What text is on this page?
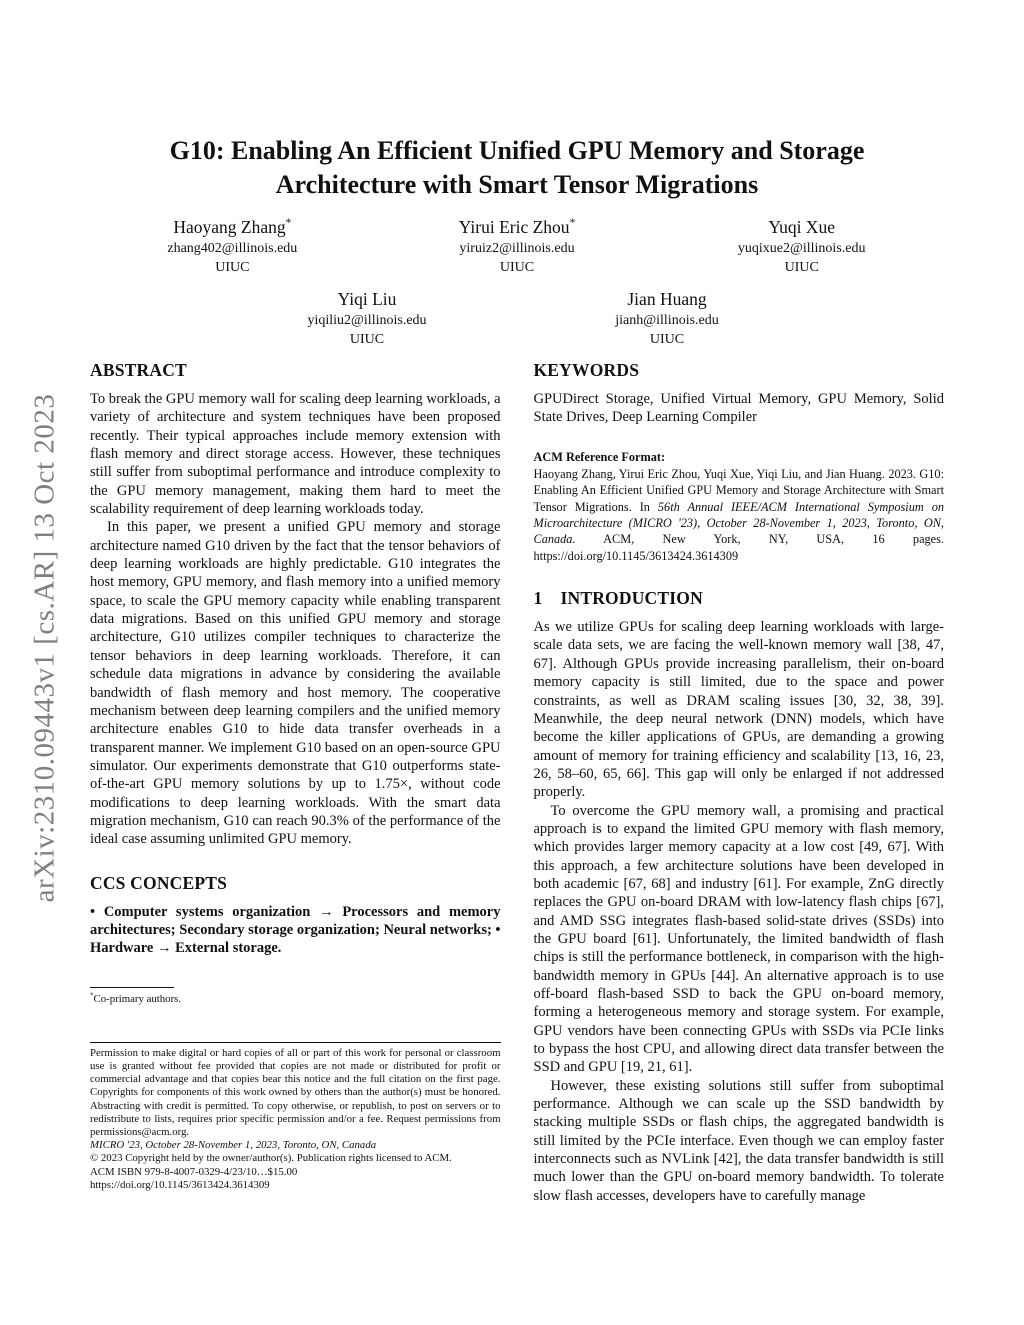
arXiv:2310.09443v1 [cs.AR] 13 Oct 2023
G10: Enabling An Efficient Unified GPU Memory and Storage
Architecture with Smart Tensor Migrations
Haoyang Zhang*
zhang402@illinois.edu
UIUC
Yirui Eric Zhou*
yiruiz2@illinois.edu
UIUC
Yuqi Xue
yuqixue2@illinois.edu
UIUC
Yiqi Liu
yiqiliu2@illinois.edu
UIUC
Jian Huang
jianh@illinois.edu
UIUC
ABSTRACT

To break the GPU memory wall for scaling deep learning workloads, a variety of architecture and system techniques have been proposed recently. Their typical approaches include memory extension with flash memory and direct storage access. However, these techniques still suffer from suboptimal performance and introduce complexity to the GPU memory management, making them hard to meet the scalability requirement of deep learning workloads today.

In this paper, we present a unified GPU memory and storage architecture named G10 driven by the fact that the tensor behaviors of deep learning workloads are highly predictable. G10 integrates the host memory, GPU memory, and flash memory into a unified memory space, to scale the GPU memory capacity while enabling transparent data migrations. Based on this unified GPU memory and storage architecture, G10 utilizes compiler techniques to characterize the tensor behaviors in deep learning workloads. Therefore, it can schedule data migrations in advance by considering the available bandwidth of flash memory and host memory. The cooperative mechanism between deep learning compilers and the unified memory architecture enables G10 to hide data transfer overheads in a transparent manner. We implement G10 based on an open-source GPU simulator. Our experiments demonstrate that G10 outperforms state-of-the-art GPU memory solutions by up to 1.75×, without code modifications to deep learning workloads. With the smart data migration mechanism, G10 can reach 90.3% of the performance of the ideal case assuming unlimited GPU memory.

CCS CONCEPTS

• Computer systems organization → Processors and memory architectures; Secondary storage organization; Neural networks; • Hardware → External storage.

*Co-primary authors.

Permission to make digital or hard copies of all or part of this work for personal or classroom use is granted without fee provided that copies are not made or distributed for profit or commercial advantage and that copies bear this notice and the full citation on the first page. Copyrights for components of this work owned by others than the author(s) must be honored. Abstracting with credit is permitted. To copy otherwise, or republish, to post on servers or to redistribute to lists, requires prior specific permission and/or a fee. Request permissions from permissions@acm.org.

MICRO '23, October 28-November 1, 2023, Toronto, ON, Canada

© 2023 Copyright held by the owner/author(s). Publication rights licensed to ACM.

ACM ISBN 979-8-4007-0329-4/23/10…$15.00

https://doi.org/10.1145/3613424.3614309

KEYWORDS

GPUDirect Storage, Unified Virtual Memory, GPU Memory, Solid State Drives, Deep Learning Compiler

ACM Reference Format:

Haoyang Zhang, Yirui Eric Zhou, Yuqi Xue, Yiqi Liu, and Jian Huang. 2023. G10: Enabling An Efficient Unified GPU Memory and Storage Architecture with Smart Tensor Migrations. In 56th Annual IEEE/ACM International Symposium on Microarchitecture (MICRO '23), October 28-November 1, 2023, Toronto, ON, Canada. ACM, New York, NY, USA, 16 pages. https://doi.org/10.1145/3613424.3614309

1 INTRODUCTION

As we utilize GPUs for scaling deep learning workloads with large-scale data sets, we are facing the well-known memory wall [38, 47, 67]. Although GPUs provide increasing parallelism, their on-board memory capacity is still limited, due to the space and power constraints, as well as DRAM scaling issues [30, 32, 38, 39]. Meanwhile, the deep neural network (DNN) models, which have become the killer applications of GPUs, are demanding a growing amount of memory for training efficiency and scalability [13, 16, 23, 26, 58–60, 65, 66]. This gap will only be enlarged if not addressed properly.

To overcome the GPU memory wall, a promising and practical approach is to expand the limited GPU memory with flash memory, which provides larger memory capacity at a low cost [49, 67]. With this approach, a few architecture solutions have been developed in both academic [67, 68] and industry [61]. For example, ZnG directly replaces the GPU on-board DRAM with low-latency flash chips [67], and AMD SSG integrates flash-based solid-state drives (SSDs) into the GPU board [61]. Unfortunately, the limited bandwidth of flash chips is still the performance bottleneck, in comparison with the high-bandwidth memory in GPUs [44]. An alternative approach is to use off-board flash-based SSD to back the GPU on-board memory, forming a heterogeneous memory and storage system. For example, GPU vendors have been connecting GPUs with SSDs via PCIe links to bypass the host CPU, and allowing direct data transfer between the SSD and GPU [19, 21, 61].

However, these existing solutions still suffer from suboptimal performance. Although we can scale up the SSD bandwidth by stacking multiple SSDs or flash chips, the aggregated bandwidth is still limited by the PCIe interface. Even though we can employ faster interconnects such as NVLink [42], the data transfer bandwidth is still much lower than the GPU on-board memory bandwidth. To tolerate slow flash accesses, developers have to carefully manage
